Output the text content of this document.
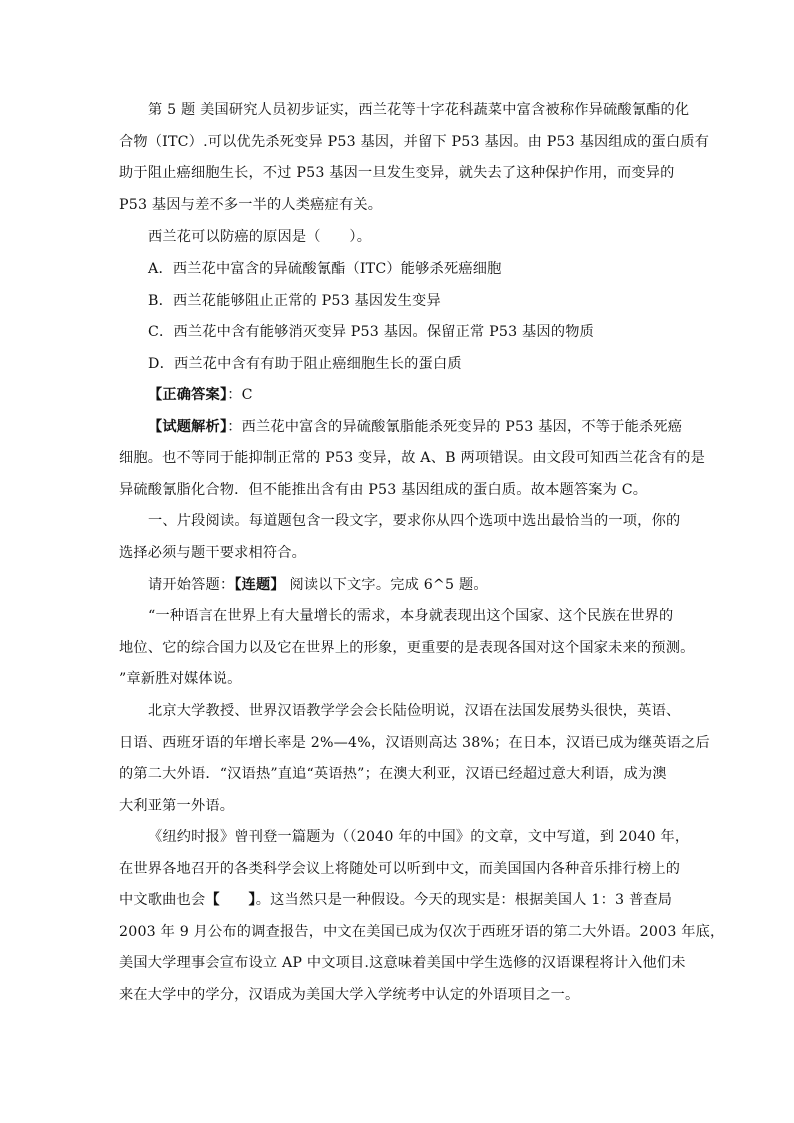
第 5 题 美国研究人员初步证实，西兰花等十字花科蔬菜中富含被称作异硫酸氰酯的化
合物（ITC）.可以优先杀死变异 P53 基因，并留下 P53 基因。由 P53 基因组成的蛋白质有
助于阻止癌细胞生长，不过 P53 基因一旦发生变异，就失去了这种保护作用，而变异的
P53 基因与差不多一半的人类癌症有关。
西兰花可以防癌的原因是（　　）。
A．西兰花中富含的异硫酸氰酯（ITC）能够杀死癌细胞
B．西兰花能够阻止正常的 P53 基因发生变异
C．西兰花中含有能够消灭变异 P53 基因。保留正常 P53 基因的物质
D．西兰花中含有有助于阻止癌细胞生长的蛋白质
【正确答案】：C
【试题解析】：西兰花中富含的异硫酸氰脂能杀死变异的 P53 基因，不等于能杀死癌
细胞。也不等同于能抑制正常的 P53 变异，故 A、B 两项错误。由文段可知西兰花含有的是
异硫酸氰脂化合物．但不能推出含有由 P53 基因组成的蛋白质。故本题答案为 C。
一、片段阅读。每道题包含一段文字，要求你从四个选项中选出最恰当的一项，你的
选择必须与题干要求相符合。
请开始答题：【连题】 阅读以下文字。完成 6^5 题。
“一种语言在世界上有大量增长的需求，本身就表现出这个国家、这个民族在世界的
地位、它的综合国力以及它在世界上的形象，更重要的是表现各国对这个国家未来的预测。
”章新胜对媒体说。
北京大学教授、世界汉语教学学会会长陆俭明说，汉语在法国发展势头很快，英语、
日语、西班牙语的年增长率是 2%—4%，汉语则高达 38%；在日本，汉语已成为继英语之后
的第二大外语．“汉语热”直追“英语热”；在澳大利亚，汉语已经超过意大利语，成为澳
大利亚第一外语。
《纽约时报》曾刊登一篇题为（（2040 年的中国》的文章，文中写道，到 2040 年，
在世界各地召开的各类科学会议上将随处可以听到中文，而美国国内各种音乐排行榜上的
中文歌曲也会【　　】。这当然只是一种假设。今天的现实是：根据美国人 1：3 普查局
2003 年 9 月公布的调查报告，中文在美国已成为仅次于西班牙语的第二大外语。2003 年底，
美国大学理事会宣布设立 AP 中文项目.这意味着美国中学生选修的汉语课程将计入他们未
来在大学中的学分，汉语成为美国大学入学统考中认定的外语项目之一。
